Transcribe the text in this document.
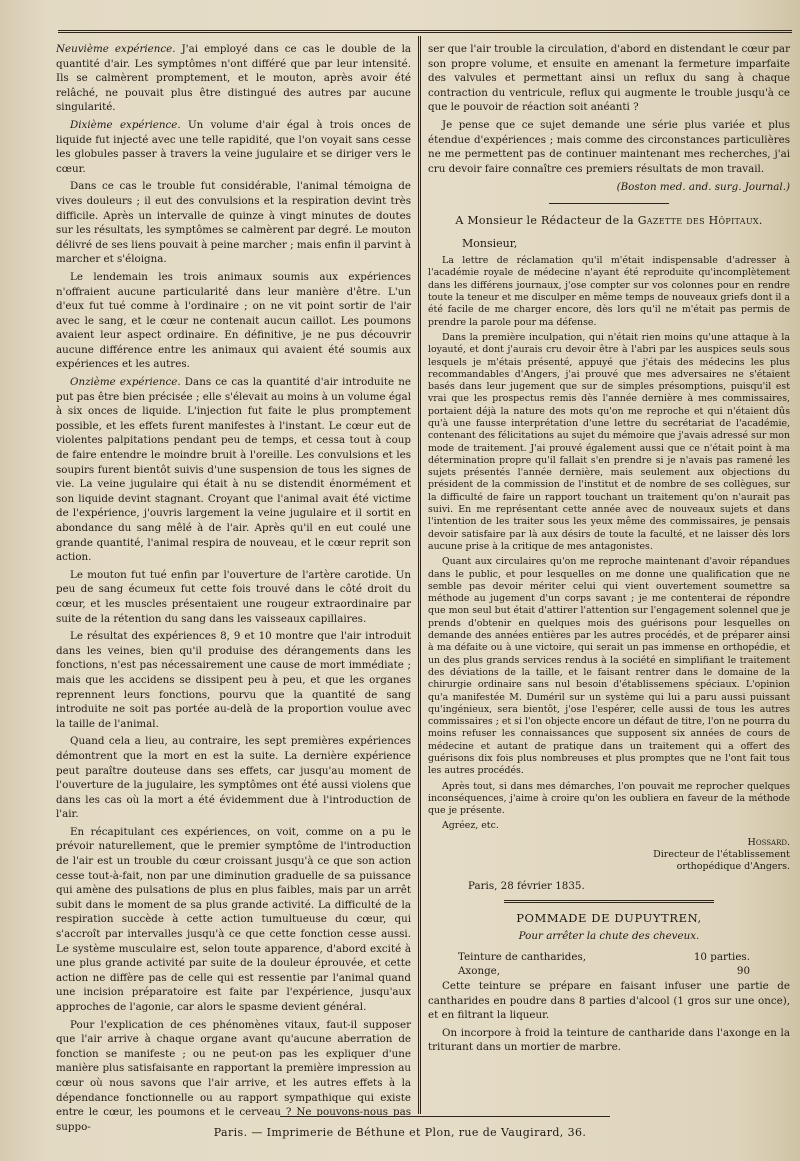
Neuvième expérience. J'ai employé dans ce cas le double de la quantité d'air. Les symptômes n'ont différé que par leur intensité. Ils se calmèrent promptement, et le mouton, après avoir été relâché, ne pouvait plus être distingué des autres par aucune singularité.

Dixième expérience. Un volume d'air égal à trois onces de liquide fut injecté avec une telle rapidité, que l'on voyait sans cesse les globules passer à travers la veine jugulaire et se diriger vers le cœur.

Dans ce cas le trouble fut considérable, l'animal témoigna de vives douleurs ; il eut des convulsions et la respiration devint très difficile. Après un intervalle de quinze à vingt minutes de doutes sur les résultats, les symptômes se calmèrent par degré. Le mouton délivré de ses liens pouvait à peine marcher ; mais enfin il parvint à marcher et s'éloigna.

Le lendemain les trois animaux soumis aux expériences n'offraient aucune particularité dans leur manière d'être. L'un d'eux fut tué comme à l'ordinaire ; on ne vit point sortir de l'air avec le sang, et le cœur ne contenait aucun caillot. Les poumons avaient leur aspect ordinaire. En définitive, je ne pus découvrir aucune différence entre les animaux qui avaient été soumis aux expériences et les autres.

Onzième expérience. Dans ce cas la quantité d'air introduite ne put pas être bien précisée ; elle s'élevait au moins à un volume égal à six onces de liquide. L'injection fut faite le plus promptement possible, et les effets furent manifestes à l'instant. Le cœur eut de violentes palpitations pendant peu de temps, et cessa tout à coup de faire entendre le moindre bruit à l'oreille. Les convulsions et les soupirs furent bientôt suivis d'une suspension de tous les signes de vie. La veine jugulaire qui était à nu se distendit énormément et son liquide devint stagnant. Croyant que l'animal avait été victime de l'expérience, j'ouvris largement la veine jugulaire et il sortit en abondance du sang mêlé à de l'air. Après qu'il en eut coulé une grande quantité, l'animal respira de nouveau, et le cœur reprit son action.

Le mouton fut tué enfin par l'ouverture de l'artère carotide. Un peu de sang écumeux fut cette fois trouvé dans le côté droit du cœur, et les muscles présentaient une rougeur extraordinaire par suite de la rétention du sang dans les vaisseaux capillaires.

Le résultat des expériences 8, 9 et 10 montre que l'air introduit dans les veines, bien qu'il produise des dérangements dans les fonctions, n'est pas nécessairement une cause de mort immédiate ; mais que les accidens se dissipent peu à peu, et que les organes reprennent leurs fonctions, pourvu que la quantité de sang introduite ne soit pas portée au-delà de la proportion voulue avec la taille de l'animal.

Quand cela a lieu, au contraire, les sept premières expériences démontrent que la mort en est la suite. La dernière expérience peut paraître douteuse dans ses effets, car jusqu'au moment de l'ouverture de la jugulaire, les symptômes ont été aussi violens que dans les cas où la mort a été évidemment due à l'introduction de l'air.

En récapitulant ces expériences, on voit, comme on a pu le prévoir naturellement, que le premier symptôme de l'introduction de l'air est un trouble du cœur croissant jusqu'à ce que son action cesse tout-à-fait, non par une diminution graduelle de sa puissance qui amène des pulsations de plus en plus faibles, mais par un arrêt subit dans le moment de sa plus grande activité. La difficulté de la respiration succède à cette action tumultueuse du cœur, qui s'accroît par intervalles jusqu'à ce que cette fonction cesse aussi. Le système musculaire est, selon toute apparence, d'abord excité à une plus grande activité par suite de la douleur éprouvée, et cette action ne diffère pas de celle qui est ressentie par l'animal quand une incision préparatoire est faite par l'expérience, jusqu'aux approches de l'agonie, car alors le spasme devient général.

Pour l'explication de ces phénomènes vitaux, faut-il supposer que l'air arrive à chaque organe avant qu'aucune aberration de fonction se manifeste ; ou ne peut-on pas les expliquer d'une manière plus satisfaisante en rapportant la première impression au cœur où nous savons que l'air arrive, et les autres effets à la dépendance fonctionnelle ou au rapport sympathique qui existe entre le cœur, les poumons et le cerveau ? Ne pouvons-nous pas suppo-

ser que l'air trouble la circulation, d'abord en distendant le cœur par son propre volume, et ensuite en amenant la fermeture imparfaite des valvules et permettant ainsi un reflux du sang à chaque contraction du ventricule, reflux qui augmente le trouble jusqu'à ce que le pouvoir de réaction soit anéanti ?

Je pense que ce sujet demande une série plus variée et plus étendue d'expériences ; mais comme des circonstances particulières ne me permettent pas de continuer maintenant mes recherches, j'ai cru devoir faire connaître ces premiers résultats de mon travail.

(Boston med. and. surg. Journal.)
A Monsieur le Rédacteur de la Gazette des Hôpitaux.

Monsieur,

La lettre de réclamation qu'il m'était indispensable d'adresser à l'académie royale de médecine n'ayant été reproduite qu'incomplètement dans les différens journaux, j'ose compter sur vos colonnes pour en rendre toute la teneur et me disculper en même temps de nouveaux griefs dont il a été facile de me charger encore, dès lors qu'il ne m'était pas permis de prendre la parole pour ma défense.

Dans la première inculpation, qui n'était rien moins qu'une attaque à la loyauté, et dont j'aurais cru devoir être à l'abri par les auspices seuls sous lesquels je m'étais présenté, appuyé que j'étais des médecins les plus recommandables d'Angers, j'ai prouvé que mes adversaires ne s'étaient basés dans leur jugement que sur de simples présomptions, puisqu'il est vrai que les prospectus remis dès l'année dernière à mes commissaires, portaient déjà la nature des mots qu'on me reproche et qui n'étaient dûs qu'à une fausse interprétation d'une lettre du secrétariat de l'académie, contenant des félicitations au sujet du mémoire que j'avais adressé sur mon mode de traitement. J'ai prouvé également aussi que ce n'était point à ma détermination propre qu'il fallait s'en prendre si je n'avais pas ramené les sujets présentés l'année dernière, mais seulement aux objections du président de la commission de l'institut et de nombre de ses collègues, sur la difficulté de faire un rapport touchant un traitement qu'on n'aurait pas suivi. En me représentant cette année avec de nouveaux sujets et dans l'intention de les traiter sous les yeux même des commissaires, je pensais devoir satisfaire par là aux désirs de toute la faculté, et ne laisser dès lors aucune prise à la critique de mes antagonistes.

Quant aux circulaires qu'on me reproche maintenant d'avoir répandues dans le public, et pour lesquelles on me donne une qualification que ne semble pas devoir mériter celui qui vient ouvertement soumettre sa méthode au jugement d'un corps savant ; je me contenterai de répondre que mon seul but était d'attirer l'attention sur l'engagement solennel que je prends d'obtenir en quelques mois des guérisons pour lesquelles on demande des années entières par les autres procédés, et de préparer ainsi à ma défaite ou à une victoire, qui serait un pas immense en orthopédie, et un des plus grands services rendus à la société en simplifiant le traitement des déviations de la taille, et le faisant rentrer dans le domaine de la chirurgie ordinaire sans nul besoin d'établissemens spéciaux. L'opinion qu'a manifestée M. Duméril sur un système qui lui a paru aussi puissant qu'ingénieux, sera bientôt, j'ose l'espérer, celle aussi de tous les autres commissaires ; et si l'on objecte encore un défaut de titre, l'on ne pourra du moins refuser les connaissances que supposent six années de cours de médecine et autant de pratique dans un traitement qui a offert des guérisons dix fois plus nombreuses et plus promptes que ne l'ont fait tous les autres procédés.

Après tout, si dans mes démarches, l'on pouvait me reprocher quelques inconséquences, j'aime à croire qu'on les oubliera en faveur de la méthode que je présente.

Agréez, etc.

Hossard.

Directeur de l'établissement

orthopédique d'Angers.

Paris, 28 février 1835.

POMMADE DE DUPUYTREN,
Pour arrêter la chute des cheveux.
Teinture de cantharides,	10 parties.
Axonge,	90

Cette teinture se prépare en faisant infuser une partie de cantharides en poudre dans 8 parties d'alcool (1 gros sur une once), et en filtrant la liqueur.

On incorpore à froid la teinture de cantharide dans l'axonge en la triturant dans un mortier de marbre.

Paris. — Imprimerie de Béthune et Plon, rue de Vaugirard, 36.
